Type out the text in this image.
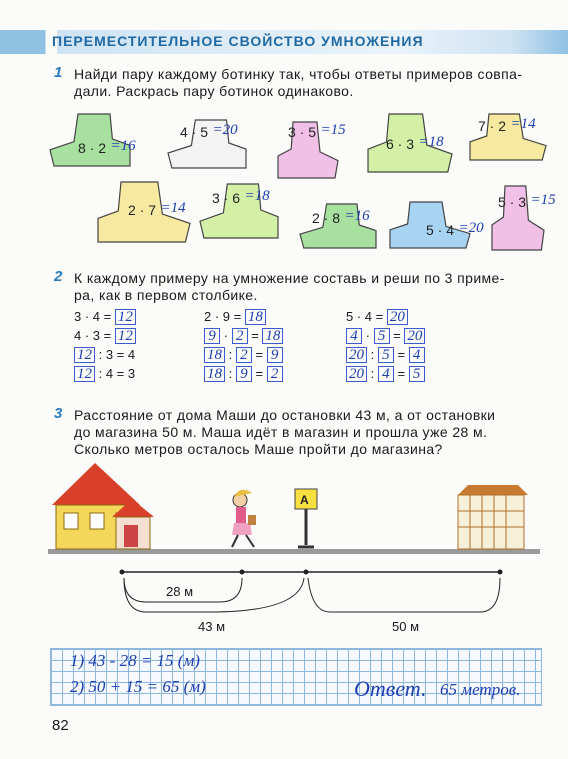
ПЕРЕМЕСТИТЕЛЬНОЕ СВОЙСТВО УМНОЖЕНИЯ
1 Найди пару каждому ботинку так, чтобы ответы примеров совпа-
дали. Раскрась пару ботинок одинаково.
8 · 2 =16
4 · 5 =20	3 · 5 =15
6 · 3 =18
7 · 2 =14
2 · 7 =14
3 · 6 =18
2 · 8 =16
5 · 4 =20
5 · 3 =15
2 К каждому примеру на умножение составь и реши по 3 приме-
ра, как в первом столбике.
3 · 4 = 12
4 · 3 = 12
12 : 3 = 4
12 : 4 = 3
2 · 9 = 18
9 · 2 = 18
18 : 2 = 9
18 : 9 = 2
5 · 4 = 20
4 · 5 = 20
20 : 5 = 4
20 : 4 = 5
3 Расстояние от дома Маши до остановки 43 м, а от остановки
до магазина 50 м. Маша идёт в магазин и прошла уже 28 м.
Сколько метров осталось Маше пройти до магазина?
А
28 м
43 м	50 м
1) 43 - 28 = 15 (м)
2) 50 + 15 = 65 (м)	Ответ. 65 метров.
82
